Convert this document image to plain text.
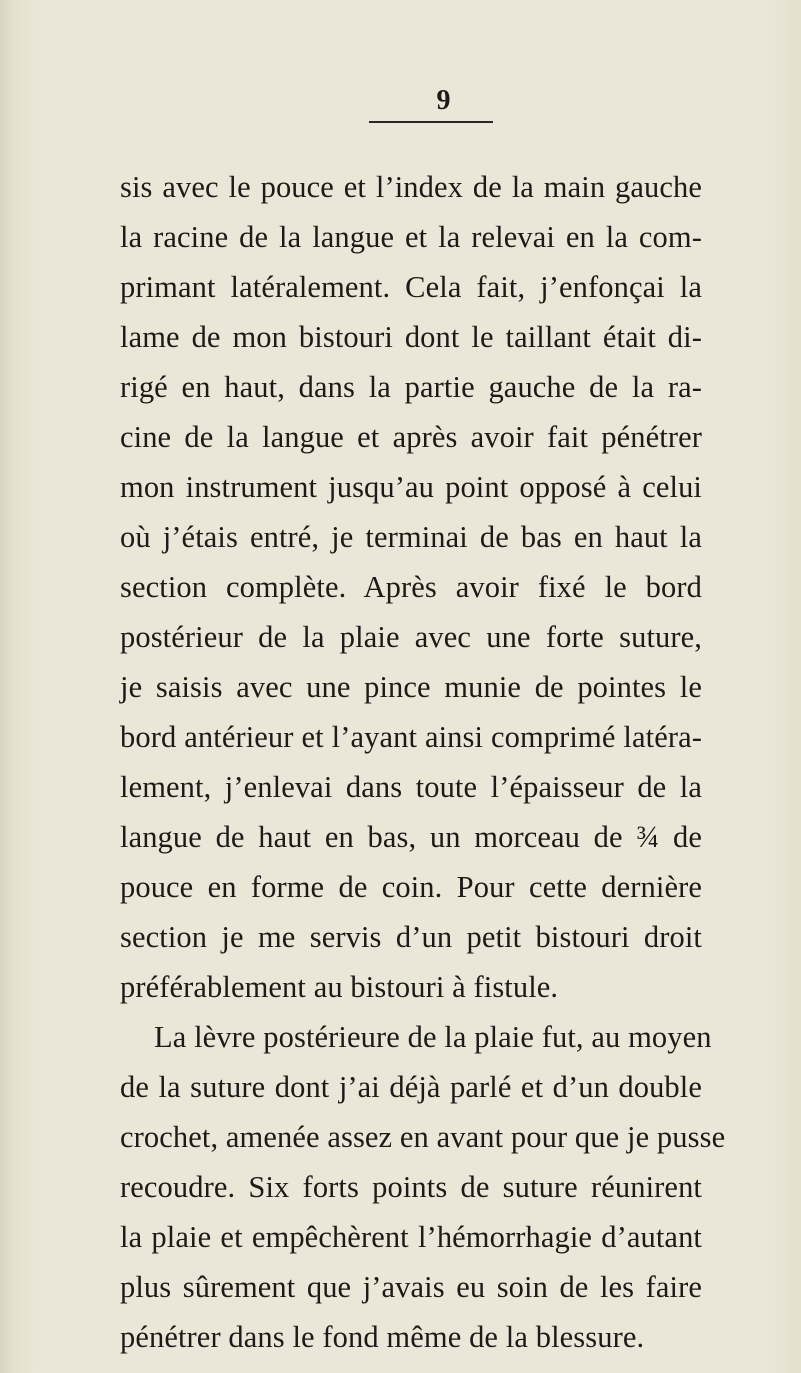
9
sis avec le pouce et l’index de la main gauche
la racine de la langue et la relevai en la com-
primant latéralement. Cela fait, j’enfonçai la
lame de mon bistouri dont le taillant était di-
rigé en haut, dans la partie gauche de la ra-
cine de la langue et après avoir fait pénétrer
mon instrument jusqu’au point opposé à celui
où j’étais entré, je terminai de bas en haut la
section complète. Après avoir fixé le bord
postérieur de la plaie avec une forte suture,
je saisis avec une pince munie de pointes le
bord antérieur et l’ayant ainsi comprimé latéra-
lement, j’enlevai dans toute l’épaisseur de la
langue de haut en bas, un morceau de ¾ de
pouce en forme de coin. Pour cette dernière
section je me servis d’un petit bistouri droit
préférablement au bistouri à fistule.
La lèvre postérieure de la plaie fut, au moyen
de la suture dont j’ai déjà parlé et d’un double
crochet, amenée assez en avant pour que je pusse
recoudre. Six forts points de suture réunirent
la plaie et empêchèrent l’hémorrhagie d’autant
plus sûrement que j’avais eu soin de les faire
pénétrer dans le fond même de la blessure.
